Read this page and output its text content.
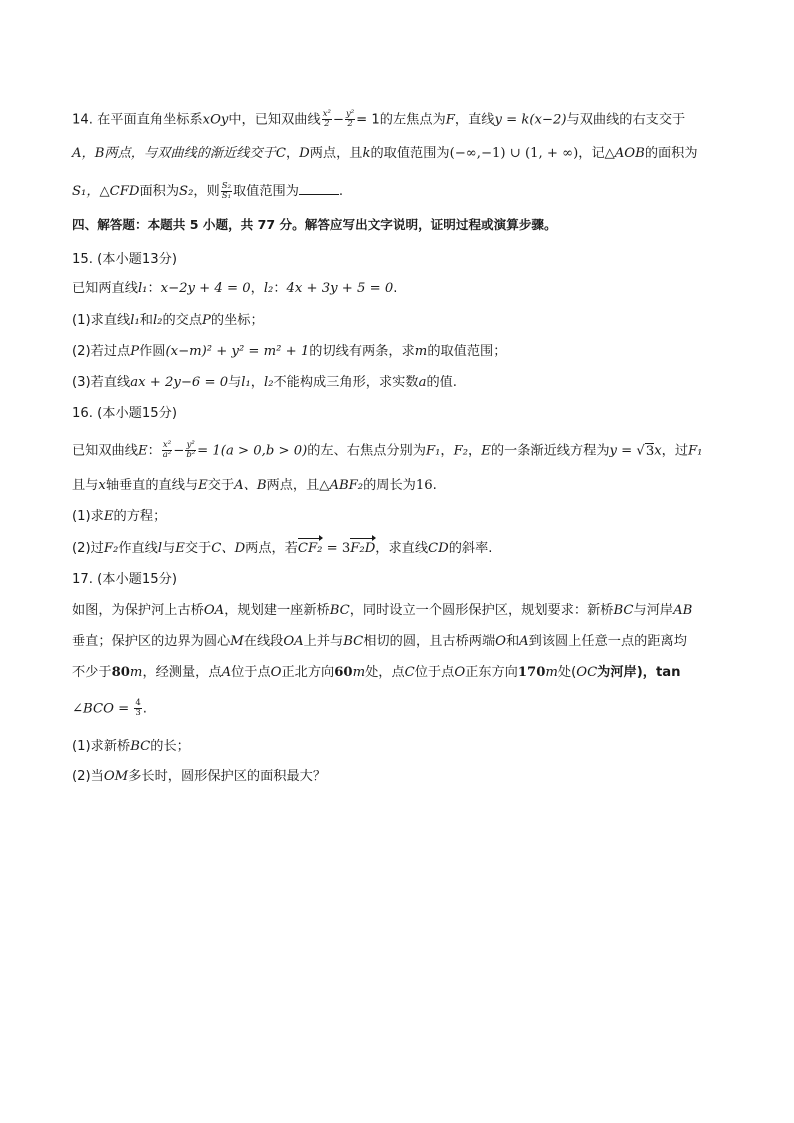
14. 在平面直角坐标系xOy中，已知双曲线 $\frac{\text{x²}}{2} - \frac{\text{y²}}{2} = 1$的左焦点为F，直线y = k(x−2)与双曲线的右支交于
A，B两点，与双曲线的渐近线交于C，D两点，且k的取值范围为(−∞,−1) ∪ (1, + ∞)，记△AOB的面积为
S₁，△CFD面积为S₂，则 $\frac{\text{S₂}}{\text{S₁}}$ 取值范围为	.
四、解答题：本题共 5 小题，共 77 分。解答应写出文字说明，证明过程或演算步骤。
15. (本小题13分)
已知两直线l₁：x−2y + 4 = 0，l₂：4x + 3y + 5 = 0.
(1)求直线l₁和l₂的交点P的坐标；
(2)若过点P作圆(x−m)² + y² = m² + 1的切线有两条，求m的取值范围；
(3)若直线ax + 2y−6 = 0与l₁，l₂不能构成三角形，求实数a的值.
16. (本小题15分)
已知双曲线E： $\frac{\text{x²}}{\text{a²}} - \frac{\text{y²}}{\text{b²}} = 1(a > 0,b > 0)$的左、右焦点分别为F₁，F₂，E的一条渐近线方程为y = √3x，过F₁
且与x轴垂直的直线与E交于A、B两点，且△ABF₂的周长为16.
(1)求E的方程；
(2)过F₂作直线l与E交于C、D两点，若CF₂ = 3F₂D，求直线CD的斜率.
17. (本小题15分)
如图，为保护河上古桥OA，规划建一座新桥BC，同时设立一个圆形保护区，规划要求：新桥BC与河岸AB
垂直；保护区的边界为圆心M在线段OA上并与BC相切的圆，且古桥两端O和A到该圆上任意一点的距离均
不少于80m，经测量，点A位于点O正北方向60m处，点C位于点O正东方向170m处(OC为河岸)，tan
∠BCO = $\frac{4}{3}$ .
(1)求新桥BC的长；
(2)当OM多长时，圆形保护区的面积最大？
